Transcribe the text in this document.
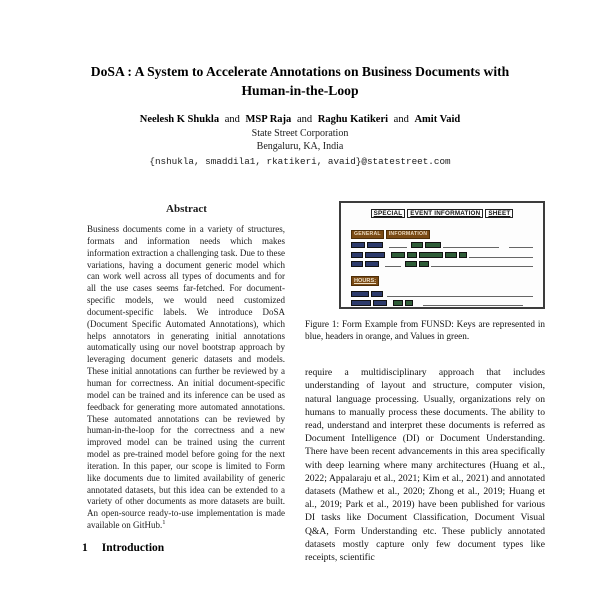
DoSA : A System to Accelerate Annotations on Business Documents with Human-in-the-Loop
Neelesh K Shukla and MSP Raja and Raghu Katikeri and Amit Vaid
State Street Corporation
Bengaluru, KA, India
{nshukla, smaddila1, rkatikeri, avaid}@statestreet.com
Abstract

Business documents come in a variety of structures, formats and information needs which makes information extraction a challenging task. Due to these variations, having a document generic model which can work well across all types of documents and for all the use cases seems far-fetched. For document-specific models, we would need customized document-specific labels. We introduce DoSA (Document Specific Automated Annotations), which helps annotators in generating initial annotations automatically using our novel bootstrap approach by leveraging document generic datasets and models. These initial annotations can further be reviewed by a human for correctness. An initial document-specific model can be trained and its inference can be used as feedback for generating more automated annotations. These automated annotations can be reviewed by human-in-the-loop for the correctness and a new improved model can be trained using the current model as pre-trained model before going for the next iteration. In this paper, our scope is limited to Form like documents due to limited availability of generic annotated datasets, but this idea can be extended to a variety of other documents as more datasets are built. An open-source ready-to-use implementation is made available on GitHub.$^1$

1 Introduction
SPECIAL	EVENT INFORMATION	SHEET
GENERAL	INFORMATION
HOURS:
Figure 1: Form Example from FUNSD: Keys are represented in blue, headers in orange, and Values in green.

require a multidisciplinary approach that includes understanding of layout and structure, computer vision, natural language processing. Usually, organizations rely on humans to manually process these documents. The ability to read, understand and interpret these documents is referred as Document Intelligence (DI) or Document Understanding. There have been recent advancements in this area specifically with deep learning where many architectures (Huang et al., 2022; Appalaraju et al., 2021; Kim et al., 2021) and annotated datasets (Mathew et al., 2020; Zhong et al., 2019; Huang et al., 2019; Park et al., 2019) have been published for various DI tasks like Document Classification, Document Visual Q&A, Form Understanding etc. These publicly annotated datasets mostly capture only few document types like receipts, scientific
